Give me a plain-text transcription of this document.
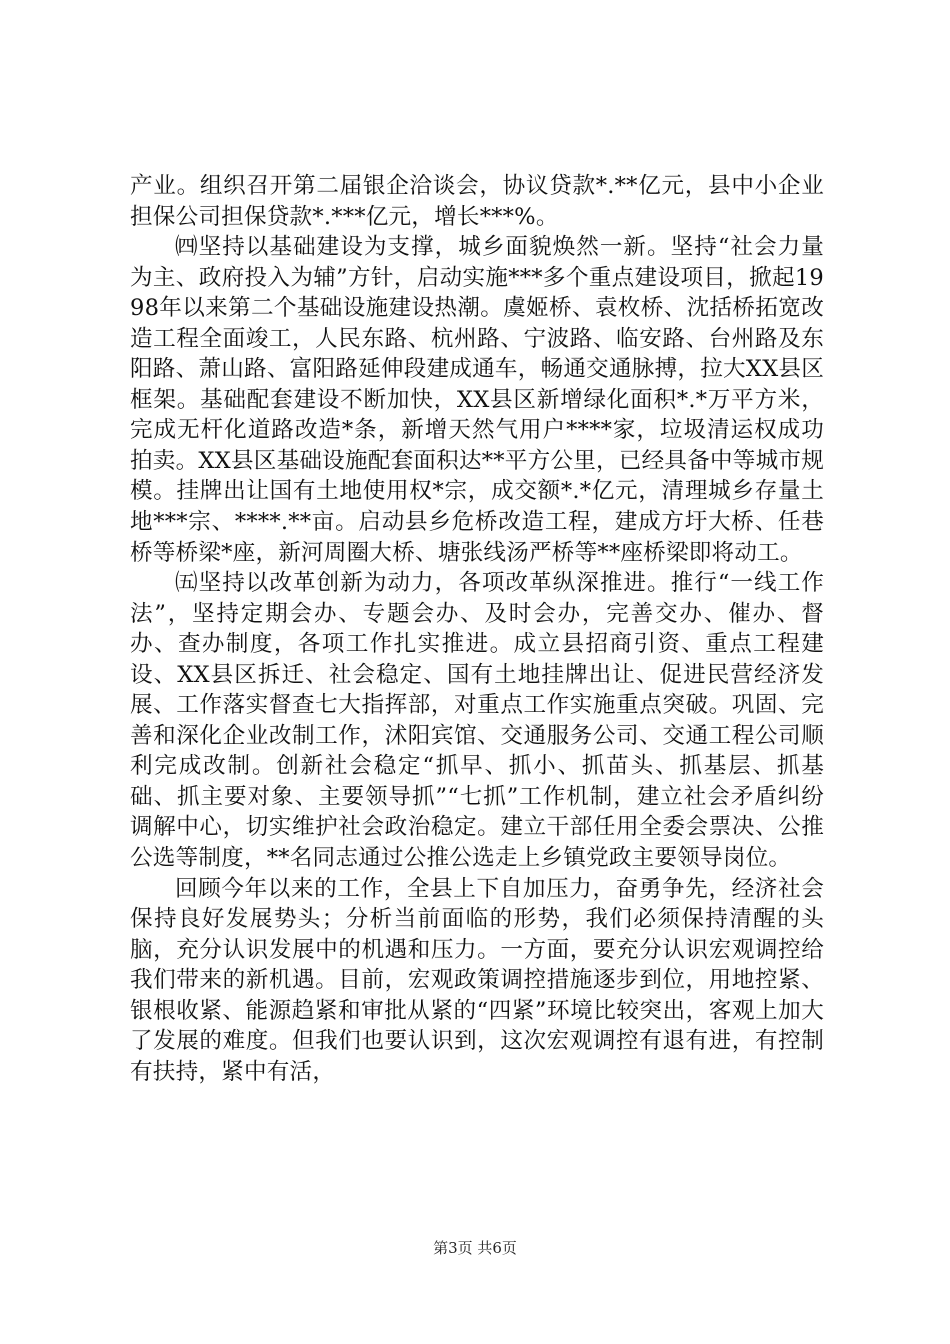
产业。组织召开第二届银企洽谈会，协议贷款*.**亿元，县中小企业担保公司担保贷款*.***亿元，增长***%。

㈣坚持以基础建设为支撑，城乡面貌焕然一新。坚持“社会力量为主、政府投入为辅”方针，启动实施***多个重点建设项目，掀起1998年以来第二个基础设施建设热潮。虞姬桥、袁枚桥、沈括桥拓宽改造工程全面竣工，人民东路、杭州路、宁波路、临安路、台州路及东阳路、萧山路、富阳路延伸段建成通车，畅通交通脉搏，拉大XX县区框架。基础配套建设不断加快，XX县区新增绿化面积*.*万平方米，完成无杆化道路改造*条，新增天然气用户****家，垃圾清运权成功拍卖。XX县区基础设施配套面积达**平方公里，已经具备中等城市规模。挂牌出让国有土地使用权*宗，成交额*.*亿元，清理城乡存量土地***宗、****.**亩。启动县乡危桥改造工程，建成方圩大桥、任巷桥等桥梁*座，新河周圈大桥、塘张线汤严桥等**座桥梁即将动工。

㈤坚持以改革创新为动力，各项改革纵深推进。推行“一线工作法”，坚持定期会办、专题会办、及时会办，完善交办、催办、督办、查办制度，各项工作扎实推进。成立县招商引资、重点工程建设、XX县区拆迁、社会稳定、国有土地挂牌出让、促进民营经济发展、工作落实督查七大指挥部，对重点工作实施重点突破。巩固、完善和深化企业改制工作，沭阳宾馆、交通服务公司、交通工程公司顺利完成改制。创新社会稳定“抓早、抓小、抓苗头、抓基层、抓基础、抓主要对象、主要领导抓”“七抓”工作机制，建立社会矛盾纠纷调解中心，切实维护社会政治稳定。建立干部任用全委会票决、公推公选等制度，**名同志通过公推公选走上乡镇党政主要领导岗位。

回顾今年以来的工作，全县上下自加压力，奋勇争先，经济社会保持良好发展势头；分析当前面临的形势，我们必须保持清醒的头脑，充分认识发展中的机遇和压力。一方面，要充分认识宏观调控给我们带来的新机遇。目前，宏观政策调控措施逐步到位，用地控紧、银根收紧、能源趋紧和审批从紧的“四紧”环境比较突出，客观上加大了发展的难度。但我们也要认识到，这次宏观调控有退有进，有控制有扶持，紧中有活，

第3页 共6页
